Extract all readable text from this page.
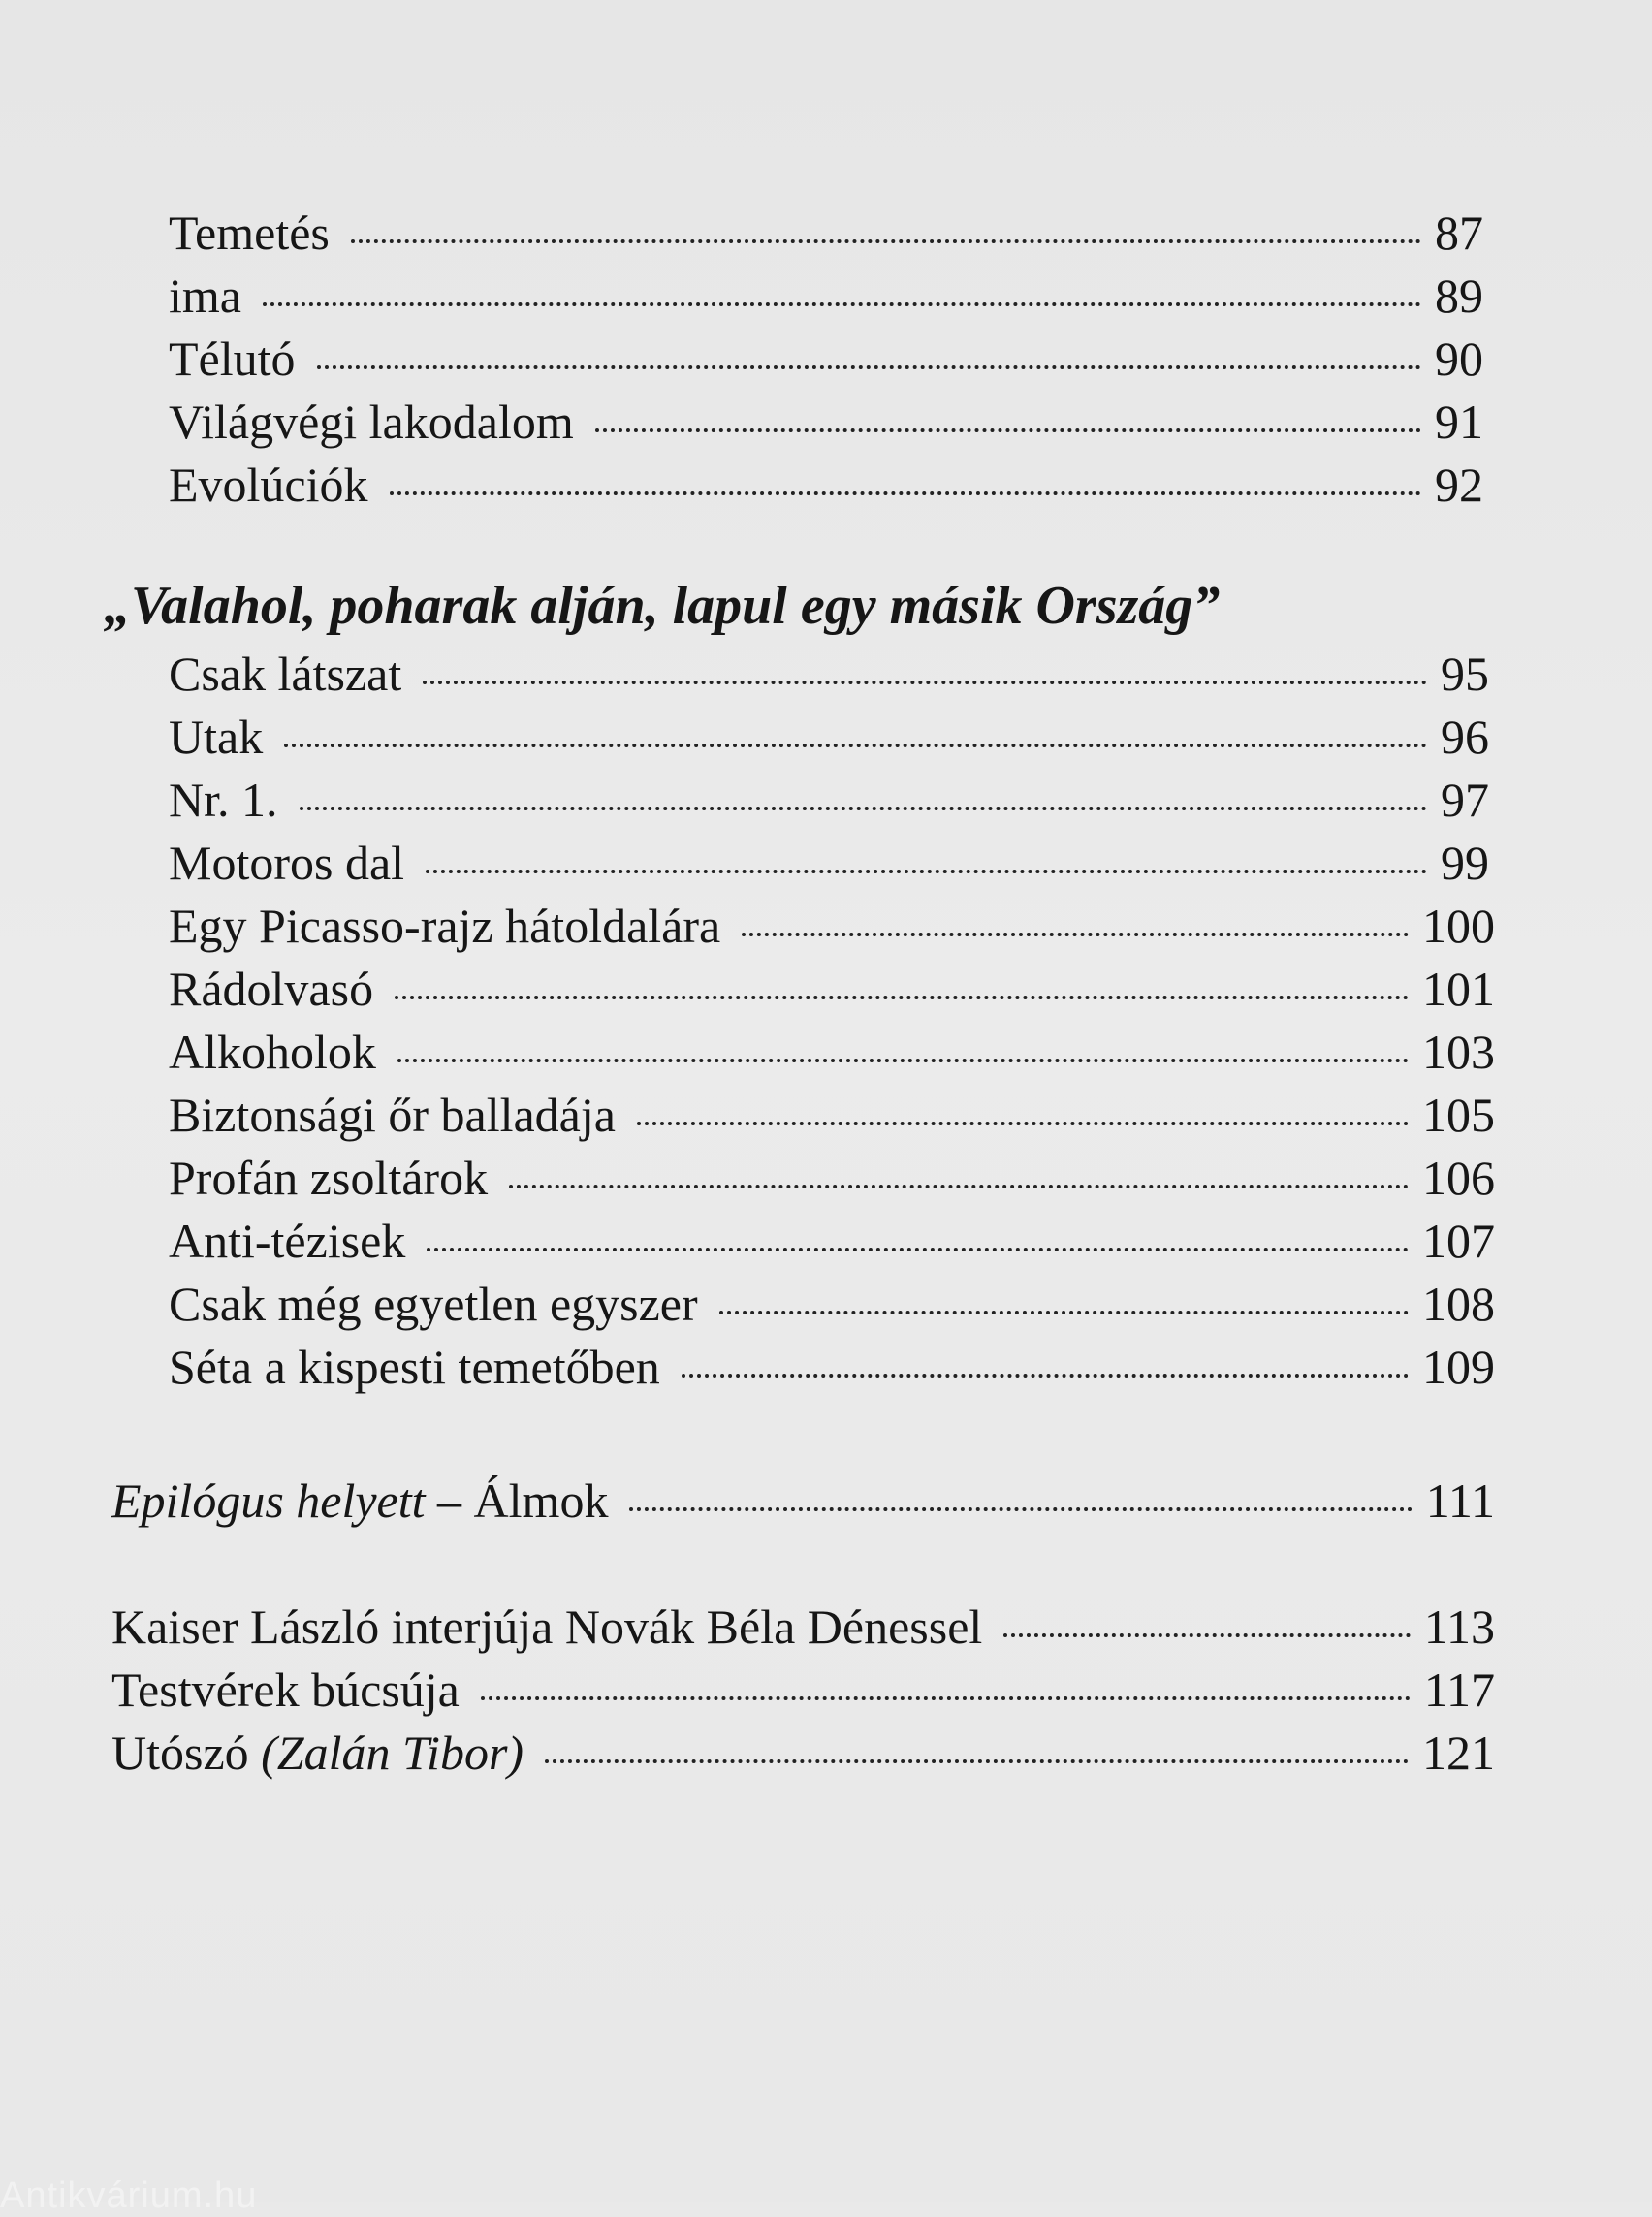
Temetés	87
ima	89
Télutó	90
Világvégi lakodalom	91
Evolúciók	92
„Valahol, poharak alján, lapul egy másik Ország”
Csak látszat	95
Utak	96
Nr. 1.	97
Motoros dal	99
Egy Picasso-rajz hátoldalára	100
Rádolvasó	101
Alkoholok	103
Biztonsági őr balladája	105
Profán zsoltárok	106
Anti-tézisek	107
Csak még egyetlen egyszer	108
Séta a kispesti temetőben	109
Epilógus helyett – Álmok	111
Kaiser László interjúja Novák Béla Dénessel	113
Testvérek búcsúja	117
Utószó (Zalán Tibor)	121
Antikvárium.hu
